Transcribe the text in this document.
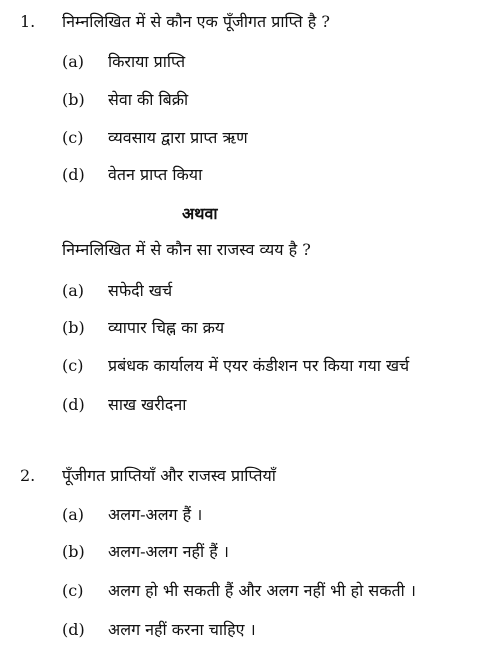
1. निम्नलिखित में से कौन एक पूँजीगत प्राप्ति है ?
(a) किराया प्राप्ति
(b) सेवा की बिक्री
(c) व्यवसाय द्वारा प्राप्त ऋण
(d) वेतन प्राप्त किया
अथवा
निम्नलिखित में से कौन सा राजस्व व्यय है ?
(a) सफेदी खर्च
(b) व्यापार चिह्न का क्रय
(c) प्रबंधक कार्यालय में एयर कंडीशन पर किया गया खर्च
(d) साख खरीदना
2. पूँजीगत प्राप्तियाँ और राजस्व प्राप्तियाँ
(a) अलग-अलग हैं ।
(b) अलग-अलग नहीं हैं ।
(c) अलग हो भी सकती हैं और अलग नहीं भी हो सकती ।
(d) अलग नहीं करना चाहिए ।
